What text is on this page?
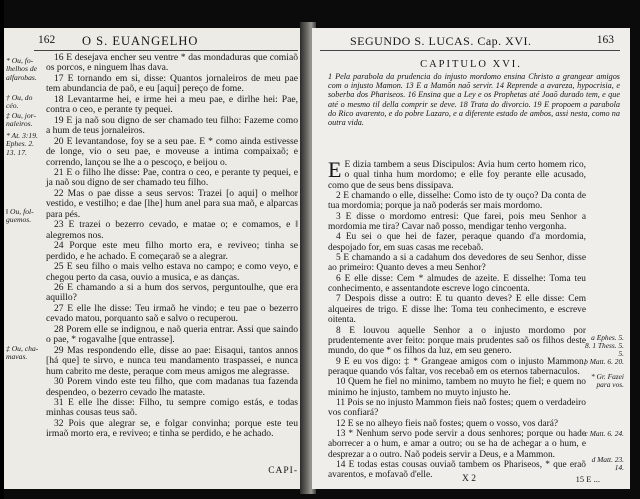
162 O S. EUANGELHO
* Ou, fo-lhelhos de alfarobas.
† Ou, do céo.
‡ Ou, jor-naleiros.
* At. 3:19. Ephes. 2. 13. 17.
‖ Ou, fol-guemos.
‡ Ou, cha-mavas.

16 E desejava encher seu ventre * das mondaduras que comiaõ os porcos, e ninguem lhas dava.

17 E tornando em si, disse: Quantos jornaleiros de meu pae tem abundancia de paõ, e eu [aqui] pereço de fome.

18 Levantarme hei, e irme hei a meu pae, e dirlhe hei: Pae, contra o ceo, e perante ty pequei.

19 E ja naõ sou digno de ser chamado teu filho: Fazeme como a hum de teus jornaleiros.

20 E levantandose, foy se a seu pae. E * como ainda estivesse de longe, vio o seu pae, e moveuse a intima compaixaõ; e correndo, lançou se lhe a o pescoço, e beijou o.

21 E o filho lhe disse: Pae, contra o ceo, e perante ty pequei, e ja naõ sou digno de ser chamado teu filho.

22 Mas o pae disse a seus servos: Trazei [o aqui] o melhor vestido, e vestilho; e dae [lhe] hum anel para sua maõ, e alparcas para pés.

23 E trazei o bezerro cevado, e matae o; e comamos, e ‖ alegremos nos.

24 Porque este meu filho morto era, e reviveo; tinha se perdido, e he achado. E começaraõ se a alegrar.

25 E seu filho o mais velho estava no campo; e como veyo, e chegou perto da casa, ouvio a musica, e as danças.

26 E chamando a si a hum dos servos, perguntoulhe, que era aquillo?

27 E elle lhe disse: Teu irmaõ he vindo; e teu pae o bezerro cevado matou, porquanto saõ e salvo o recuperou.

28 Porem elle se indignou, e naõ queria entrar. Assi que saindo o pae, * rogavalhe [que entrasse].

29 Mas respondendo elle, disse ao pae: Eisaqui, tantos annos [há que] te sirvo, e nunca teu mandamento traspassei, e nunca hum cabrito me deste, peraque com meus amigos me alegrasse.

30 Porem vindo este teu filho, que com madanas tua fazenda despendeo, o bezerro cevado lhe mataste.

31 E elle lhe disse: Filho, tu sempre comigo estás, e todas minhas cousas teus saõ.

32 Pois que alegrar se, e folgar convinha; porque este teu irmaõ morto era, e reviveo; e tinha se perdido, e he achado.

CAPI-
SEGUNDO S. LUCAS. Cap. XVI.	163
CAPITULO XVI.
1 Pela parabola da prudencia do injusto mordomo ensina Christo a grangear amigos com o injusto Mamon. 13 E a Mamõn naõ servir. 14 Reprende a avareza, hypocrisia, e soberba dos Phariseos. 16 Ensina que a Ley e os Prophetas até Joaõ durado tem, e que até o mesmo til della comprir se deve. 18 Trata do divorcio. 19 E propoem a parabola do Rico avarento, e do pobre Lazaro, e a diferente estado de ambos, assi nesta, como na outra vida.

E E dizia tambem a seus Discipulos: Avia hum certo homem rico, o qual tinha hum mordomo; e elle foy perante elle acusado, como que de seus bens dissipava.

2 E chamando o elle, disselhe: Como isto de ty ouço? Da conta de tua mordomia; porque ja naõ poderás ser mais mordomo.

3 E disse o mordomo entresi: Que farei, pois meu Senhor a mordomia me tira? Cavar naõ posso, mendigar tenho vergonha.

4 Eu sei o que hei de fazer, peraque quando d'a mordomia, despojado for, em suas casas me recebaõ.

5 E chamando a si a cadahum dos devedores de seu Senhor, disse ao primeiro: Quanto deves a meu Senhor?

6 E elle disse: Cem * almudes de azeite. E disselhe: Toma teu conhecimento, e assentandote escreve logo cincoenta.

7 Despois disse a outro: E tu quanto deves? E elle disse: Cem alqueires de trigo. E disse lhe: Toma teu conhecimento, e escreve oitenta.

8 E louvou aquelle Senhor a o injusto mordomo por prudentemente aver feito: porque mais prudentes saõ os filhos deste mundo, do que * os filhos da luz, em seu genero.

9 E eu vos digo: ‡ * Grangeae amigos com o injusto Mammon, peraque quando vós faltar, vos recebaõ em os eternos tabernaculos.

10 Quem he fiel no minimo, tambem no muyto he fiel; e quem no minimo he injusto, tambem no muyto injusto he.

11 Pois se no injusto Mammon fieis naõ fostes; quem o verdadeiro vos confiará?

12 E se no alheyo fieis naõ fostes; quem o vosso, vos dará?

13 * Nenhum servo pode servir a dous senhores; porque ou hade aborrecer a o hum, e amar a outro; ou se ha de achegar a o hum, e desprezar a o outro. Naõ podeis servir a Deus, e a Mammon.

14 E todas estas cousas ouviaõ tambem os Phariseos, * que eraõ avarentos, e mofavaõ d'elle.

a Ephes. 5. 8. 1 Thess. 5. 5.
b Matt. 6. 20.
* Gr. Fazei para vos.
c Matt. 6. 24.
d Matt. 23. 14.
X 2	15 E ...
